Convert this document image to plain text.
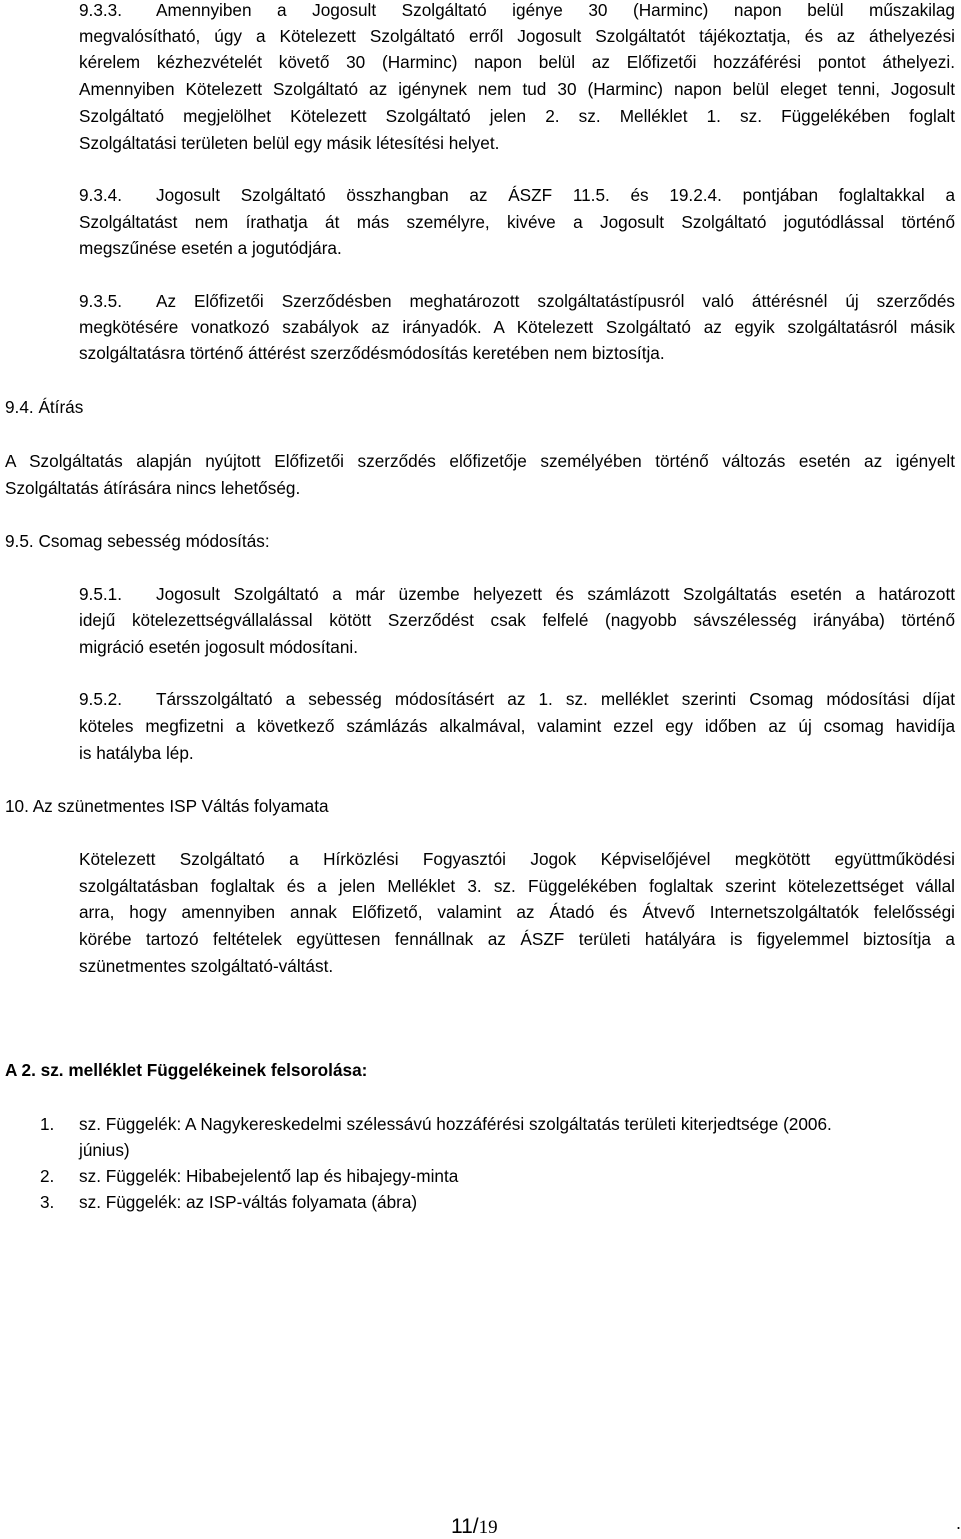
9.3.3. Amennyiben a Jogosult Szolgáltató igénye 30 (Harminc) napon belül műszakilag
megvalósítható, úgy a Kötelezett Szolgáltató erről Jogosult Szolgáltatót tájékoztatja, és az áthelyezési
kérelem kézhezvételét követő 30 (Harminc) napon belül az Előfizetői hozzáférési pontot áthelyezi.
Amennyiben Kötelezett Szolgáltató az igénynek nem tud 30 (Harminc) napon belül eleget tenni, Jogosult
Szolgáltató megjelölhet Kötelezett Szolgáltató jelen 2. sz. Melléklet 1. sz. Függelékében foglalt
Szolgáltatási területen belül egy másik létesítési helyet.
9.3.4. Jogosult Szolgáltató összhangban az ÁSZF 11.5. és 19.2.4. pontjában foglaltakkal a
Szolgáltatást nem írathatja át más személyre, kivéve a Jogosult Szolgáltató jogutódlással történő
megszűnése esetén a jogutódjára.
9.3.5. Az Előfizetői Szerződésben meghatározott szolgáltatástípusról való áttérésnél új szerződés
megkötésére vonatkozó szabályok az irányadók. A Kötelezett Szolgáltató az egyik szolgáltatásról másik
szolgáltatásra történő áttérést szerződésmódosítás keretében nem biztosítja.
9.4. Átírás
A Szolgáltatás alapján nyújtott Előfizetői szerződés előfizetője személyében történő változás esetén az igényelt
Szolgáltatás átírására nincs lehetőség.
9.5. Csomag sebesség módosítás:
9.5.1. Jogosult Szolgáltató a már üzembe helyezett és számlázott Szolgáltatás esetén a határozott
idejű kötelezettségvállalással kötött Szerződést csak felfelé (nagyobb sávszélesség irányába) történő
migráció esetén jogosult módosítani.
9.5.2. Társszolgáltató a sebesség módosításért az 1. sz. melléklet szerinti Csomag módosítási díjat
köteles megfizetni a következő számlázás alkalmával, valamint ezzel egy időben az új csomag havidíja
is hatályba lép.
10. Az szünetmentes ISP Váltás folyamata
Kötelezett Szolgáltató a Hírközlési Fogyasztói Jogok Képviselőjével megkötött együttműködési
szolgáltatásban foglaltak és a jelen Melléklet 3. sz. Függelékében foglaltak szerint kötelezettséget vállal
arra, hogy amennyiben annak Előfizető, valamint az Átadó és Átvevő Internetszolgáltatók felelősségi
körébe tartozó feltételek együttesen fennállnak az ÁSZF területi hatályára is figyelemmel biztosítja a
szünetmentes szolgáltató-váltást.
A 2. sz. melléklet Függelékeinek felsorolása:
1. sz. Függelék: A Nagykereskedelmi szélessávú hozzáférési szolgáltatás területi kiterjedtsége (2006.
június)
2. sz. Függelék: Hibabejelentő lap és hibajegy-minta
3. sz. Függelék: az ISP-váltás folyamata (ábra)
11/19	.
